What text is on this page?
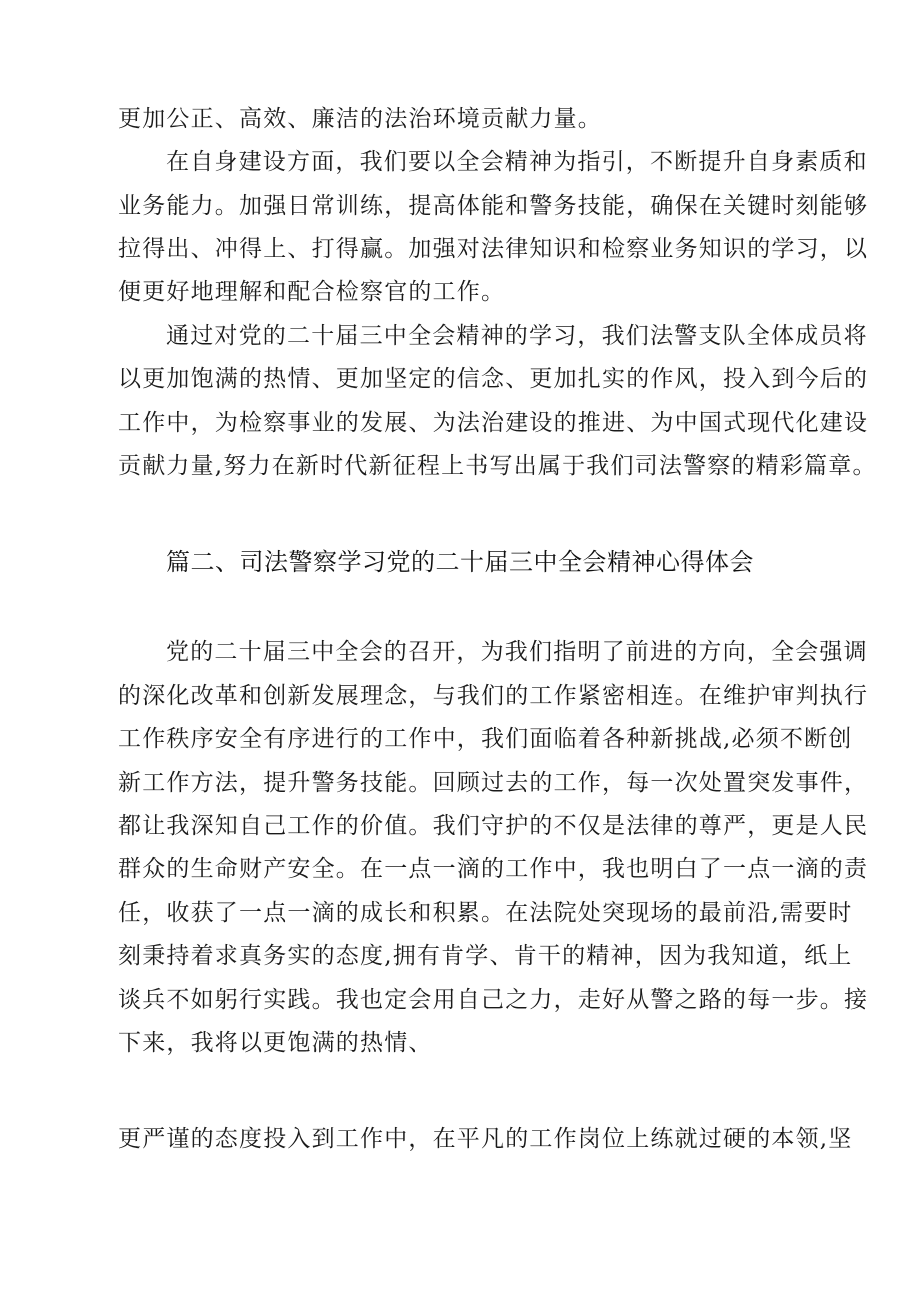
更加公正、高效、廉洁的法治环境贡献力量。
在自身建设方面，我们要以全会精神为指引，不断提升自身素质和
业务能力。加强日常训练，提高体能和警务技能，确保在关键时刻能够
拉得出、冲得上、打得赢。加强对法律知识和检察业务知识的学习，以
便更好地理解和配合检察官的工作。
通过对党的二十届三中全会精神的学习，我们法警支队全体成员将
以更加饱满的热情、更加坚定的信念、更加扎实的作风，投入到今后的
工作中，为检察事业的发展、为法治建设的推进、为中国式现代化建设
贡献力量,努力在新时代新征程上书写出属于我们司法警察的精彩篇章。
篇二、司法警察学习党的二十届三中全会精神心得体会
党的二十届三中全会的召开，为我们指明了前进的方向，全会强调
的深化改革和创新发展理念，与我们的工作紧密相连。在维护审判执行
工作秩序安全有序进行的工作中，我们面临着各种新挑战,必须不断创
新工作方法，提升警务技能。回顾过去的工作，每一次处置突发事件，
都让我深知自己工作的价值。我们守护的不仅是法律的尊严，更是人民
群众的生命财产安全。在一点一滴的工作中，我也明白了一点一滴的责
任，收获了一点一滴的成长和积累。在法院处突现场的最前沿,需要时
刻秉持着求真务实的态度,拥有肯学、肯干的精神，因为我知道，纸上
谈兵不如躬行实践。我也定会用自己之力，走好从警之路的每一步。接
下来，我将以更饱满的热情、
更严谨的态度投入到工作中，在平凡的工作岗位上练就过硬的本领,坚
